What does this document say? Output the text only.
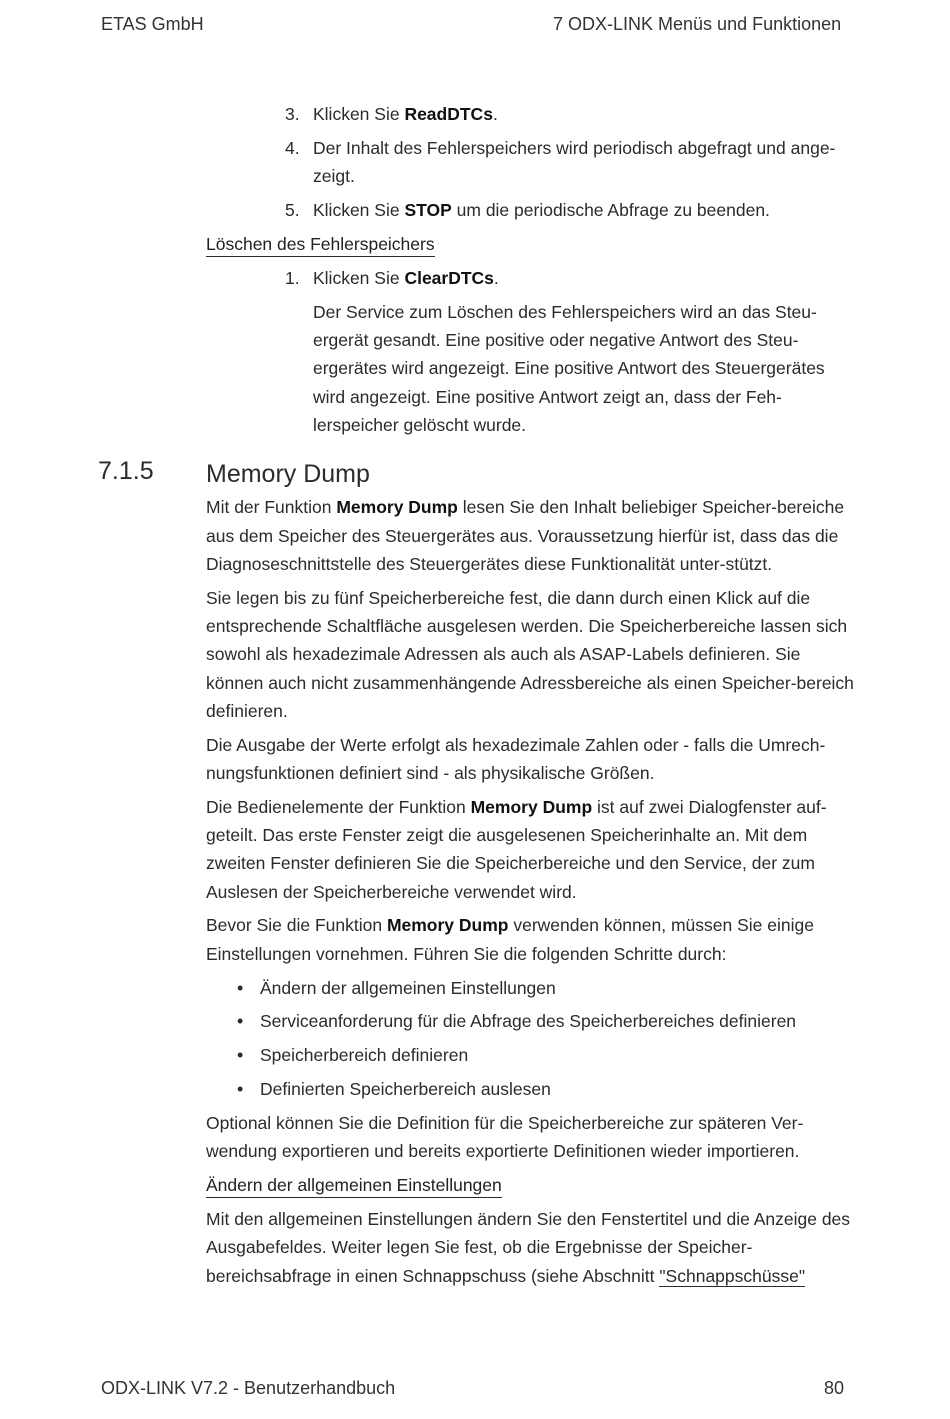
ETAS GmbH	7 ODX-LINK Menüs und Funktionen
3. Klicken Sie ReadDTCs.
4. Der Inhalt des Fehlerspeichers wird periodisch abgefragt und ange-zeigt.
5. Klicken Sie STOP um die periodische Abfrage zu beenden.
Löschen des Fehlerspeichers
1. Klicken Sie ClearDTCs.
Der Service zum Löschen des Fehlerspeichers wird an das Steu-ergerät gesandt. Eine positive oder negative Antwort des Steu-ergerätes wird angezeigt. Eine positive Antwort des Steuergerätes wird angezeigt. Eine positive Antwort zeigt an, dass der Feh-lerspeicher gelöscht wurde.
7.1.5 Memory Dump

Mit der Funktion Memory Dump lesen Sie den Inhalt beliebiger Speicher-bereiche aus dem Speicher des Steuergerätes aus. Voraussetzung hierfür ist, dass das die Diagnoseschnittstelle des Steuergerätes diese Funktionalität unter-stützt.

Sie legen bis zu fünf Speicherbereiche fest, die dann durch einen Klick auf die entsprechende Schaltfläche ausgelesen werden. Die Speicherbereiche lassen sich sowohl als hexadezimale Adressen als auch als ASAP-Labels definieren. Sie können auch nicht zusammenhängende Adressbereiche als einen Speicher-bereich definieren.

Die Ausgabe der Werte erfolgt als hexadezimale Zahlen oder - falls die Umrech-nungsfunktionen definiert sind - als physikalische Größen.

Die Bedienelemente der Funktion Memory Dump ist auf zwei Dialogfenster auf-geteilt. Das erste Fenster zeigt die ausgelesenen Speicherinhalte an. Mit dem zweiten Fenster definieren Sie die Speicherbereiche und den Service, der zum Auslesen der Speicherbereiche verwendet wird.

Bevor Sie die Funktion Memory Dump verwenden können, müssen Sie einige Einstellungen vornehmen. Führen Sie die folgenden Schritte durch:

• Ändern der allgemeinen Einstellungen
• Serviceanforderung für die Abfrage des Speicherbereiches definieren
• Speicherbereich definieren
• Definierten Speicherbereich auslesen

Optional können Sie die Definition für die Speicherbereiche zur späteren Ver-wendung exportieren und bereits exportierte Definitionen wieder importieren.

Ändern der allgemeinen Einstellungen

Mit den allgemeinen Einstellungen ändern Sie den Fenstertitel und die Anzeige des Ausgabefeldes. Weiter legen Sie fest, ob die Ergebnisse der Speicher-bereichsabfrage in einen Schnappschuss (siehe Abschnitt "Schnappschüsse"

ODX-LINK V7.2 - Benutzerhandbuch	80
